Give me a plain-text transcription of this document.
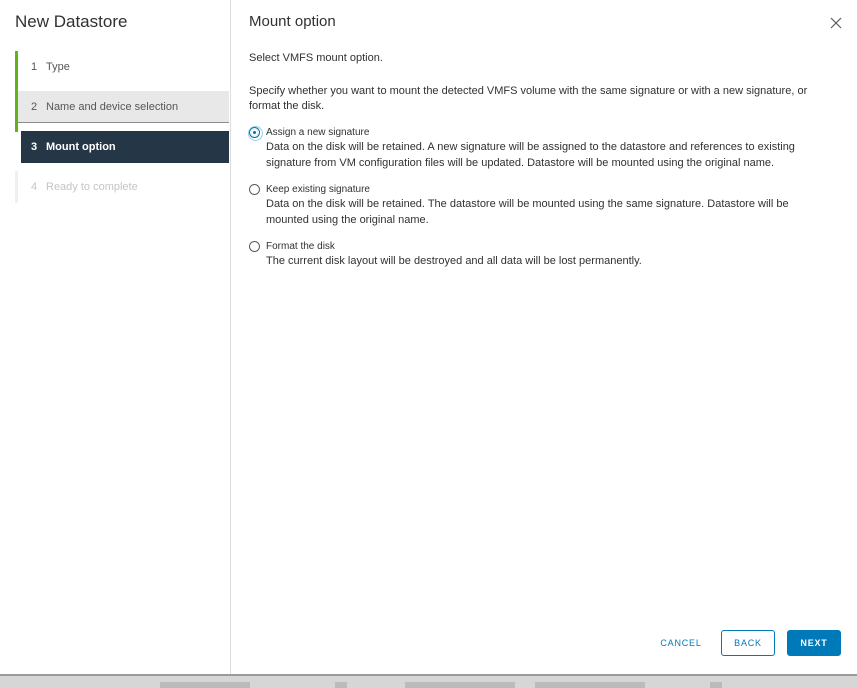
New Datastore
1 Type
2 Name and device selection
3 Mount option
4 Ready to complete
Mount option
Select VMFS mount option.
Specify whether you want to mount the detected VMFS volume with the same signature or with a new signature, or format the disk.
Assign a new signature
Data on the disk will be retained. A new signature will be assigned to the datastore and references to existing signature from VM configuration files will be updated. Datastore will be mounted using the original name.
Keep existing signature
Data on the disk will be retained. The datastore will be mounted using the same signature. Datastore will be mounted using the original name.
Format the disk
The current disk layout will be destroyed and all data will be lost permanently.
CANCEL	BACK	NEXT
